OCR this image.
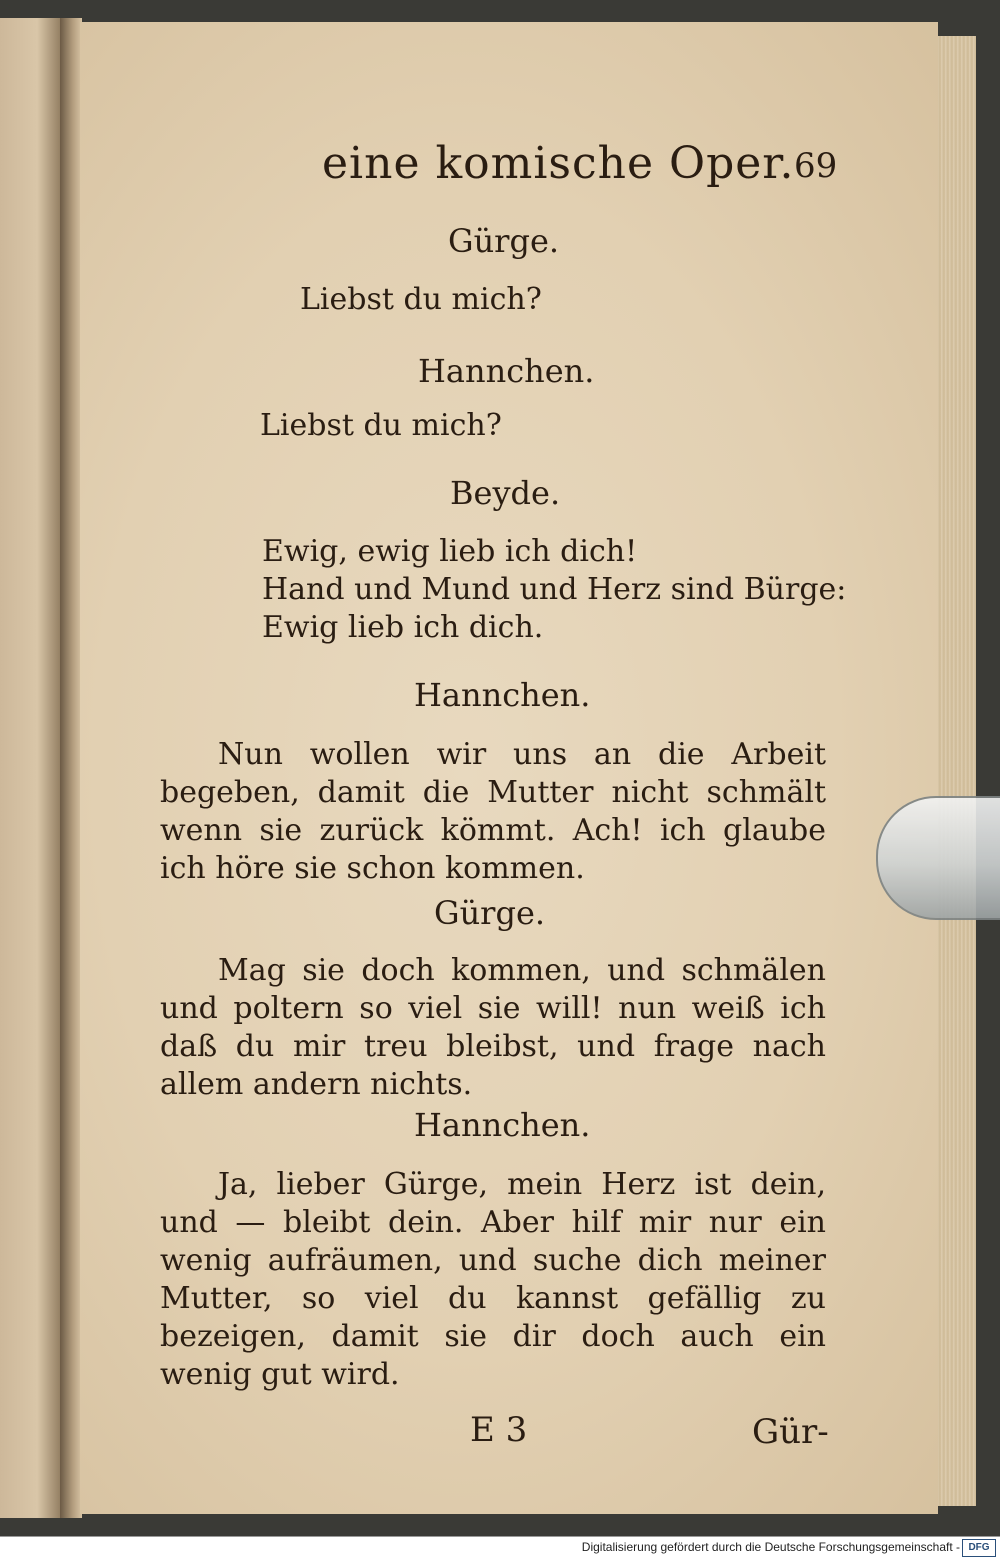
eine komische Oper. 69
Gürge.
Liebst du mich?
Hannchen.
Liebst du mich?
Beyde.
Ewig, ewig lieb ich dich!
Hand und Mund und Herz sind Bürge:
Ewig lieb ich dich.
Hannchen.
Nun wollen wir uns an die Arbeit begeben, damit die Mutter nicht schmält wenn sie zurück kömmt. Ach! ich glaube ich höre sie schon kommen.
Gürge.
Mag sie doch kommen, und schmälen und poltern so viel sie will! nun weiß ich daß du mir treu bleibst, und frage nach allem andern nichts.
Hannchen.
Ja, lieber Gürge, mein Herz ist dein, und — bleibt dein. Aber hilf mir nur ein wenig aufräumen, und suche dich meiner Mutter, so viel du kannst gefällig zu bezeigen, damit sie dir doch auch ein wenig gut wird.
E 3	Gür-
Digitalisierung gefördert durch die Deutsche Forschungsgemeinschaft - DFG
